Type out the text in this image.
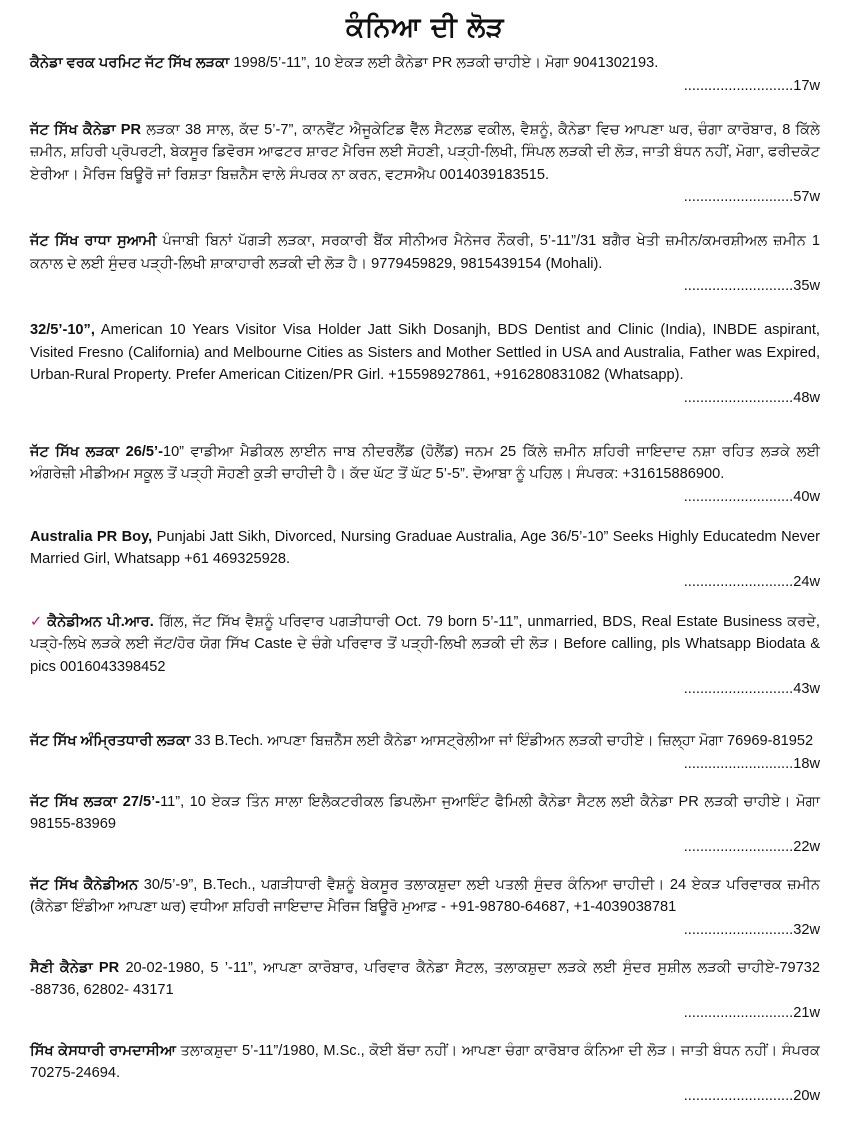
ਕੰਨਿਆ ਦੀ ਲੋੜ
ਕੈਨੇਡਾ ਵਰਕ ਪਰਮਿਟ ਜੱਟ ਸਿੱਖ ਲੜਕਾ 1998/5’-11”, 10 ਏਕੜ ਲਈ ਕੈਨੇਡਾ PR ਲੜਕੀ ਚਾਹੀਏ। ਮੋਗਾ 9041302193.
...........................17w
ਜੱਟ ਸਿੱਖ ਕੈਨੇਡਾ PR ਲੜਕਾ 38 ਸਾਲ, ਕੱਦ 5’-7”, ਕਾਨਵੈਂਟ ਐਜੂਕੇਟਿਡ ਵੈੱਲ ਸੈਟਲਡ ਵਕੀਲ, ਵੈਸ਼ਨੂੰ, ਕੈਨੇਡਾ ਵਿਚ ਆਪਣਾ ਘਰ, ਚੰਗਾ ਕਾਰੋਬਾਰ, 8 ਕਿੱਲੇ ਜ਼ਮੀਨ, ਸ਼ਹਿਰੀ ਪ੍ਰੋਪਰਟੀ, ਬੇਕਸੂਰ ਡਿਵੋਰਸ ਆਫਟਰ ਸ਼ਾਰਟ ਮੈਰਿਜ ਲਈ ਸੋਹਣੀ, ਪੜ੍ਹੀ-ਲਿਖੀ, ਸਿੰਪਲ ਲੜਕੀ ਦੀ ਲੋੜ, ਜਾਤੀ ਬੰਧਨ ਨਹੀਂ, ਮੋਗਾ, ਫਰੀਦਕੋਟ ਏਰੀਆ। ਮੈਰਿਜ ਬਿਊਰੋ ਜਾਂ ਰਿਸ਼ਤਾ ਬਿਜ਼ਨੈਸ ਵਾਲੇ ਸੰਪਰਕ ਨਾ ਕਰਨ, ਵਟਸਐਪ 0014039183515.
...........................57w
ਜੱਟ ਸਿੱਖ ਰਾਧਾ ਸੁਆਮੀ ਪੰਜਾਬੀ ਬਿਨਾਂ ਪੱਗੜੀ ਲੜਕਾ, ਸਰਕਾਰੀ ਬੈਂਕ ਸੀਨੀਅਰ ਮੈਨੇਜਰ ਨੌਕਰੀ, 5’-11”/31 ਬਗੈਰ ਖੇਤੀ ਜ਼ਮੀਨ/ਕਮਰਸ਼ੀਅਲ ਜ਼ਮੀਨ 1 ਕਨਾਲ ਦੇ ਲਈ ਸੁੰਦਰ ਪੜ੍ਹੀ-ਲਿਖੀ ਸ਼ਾਕਾਹਾਰੀ ਲੜਕੀ ਦੀ ਲੋੜ ਹੈ। 9779459829, 9815439154 (Mohali).
...........................35w
32/5’-10”, American 10 Years Visitor Visa Holder Jatt Sikh Dosanjh, BDS Dentist and Clinic (India), INBDE aspirant, Visited Fresno (California) and Melbourne Cities as Sisters and Mother Settled in USA and Australia, Father was Expired, Urban-Rural Property. Prefer American Citizen/PR Girl. +15598927861, +916280831082 (Whatsapp).
...........................48w
ਜੱਟ ਸਿੱਖ ਲੜਕਾ 26/5’-10” ਵਾਡੀਆ ਮੈਡੀਕਲ ਲਾਈਨ ਜਾਬ ਨੀਦਰਲੈਂਡ (ਹੋਲੈਂਡ) ਜਨਮ 25 ਕਿੱਲੇ ਜ਼ਮੀਨ ਸ਼ਹਿਰੀ ਜਾਇਦਾਦ ਨਸ਼ਾ ਰਹਿਤ ਲੜਕੇ ਲਈ ਅੰਗਰੇਜ਼ੀ ਮੀਡੀਅਮ ਸਕੂਲ ਤੋਂ ਪੜ੍ਹੀ ਸੋਹਣੀ ਕੁੜੀ ਚਾਹੀਦੀ ਹੈ। ਕੱਦ ਘੱਟ ਤੋਂ ਘੱਟ 5’-5”. ਦੋਆਬਾ ਨੂੰ ਪਹਿਲ। ਸੰਪਰਕ: +31615886900.
...........................40w
Australia PR Boy, Punjabi Jatt Sikh, Divorced, Nursing Graduae Australia, Age 36/5’-10” Seeks Highly Educatedm Never Married Girl, Whatsapp +61 469325928.
...........................24w
✓ ਕੈਨੇਡੀਅਨ ਪੀ.ਆਰ. ਗਿੱਲ, ਜੱਟ ਸਿੱਖ ਵੈਸ਼ਨੂੰ ਪਰਿਵਾਰ ਪਗੜੀਧਾਰੀ Oct. 79 born 5’-11”, unmarried, BDS, Real Estate Business ਕਰਦੇ, ਪੜ੍ਹੇ-ਲਿਖੇ ਲੜਕੇ ਲਈ ਜੱਟ/ਹੋਰ ਯੋਗ ਸਿੱਖ Caste ਦੇ ਚੰਗੇ ਪਰਿਵਾਰ ਤੋਂ ਪੜ੍ਹੀ-ਲਿਖੀ ਲੜਕੀ ਦੀ ਲੋੜ। Before calling, pls Whatsapp Biodata & pics 0016043398452
...........................43w
ਜੱਟ ਸਿੱਖ ਅੰਮ੍ਰਿਤਧਾਰੀ ਲੜਕਾ 33 B.Tech. ਆਪਣਾ ਬਿਜ਼ਨੈੱਸ ਲਈ ਕੈਨੇਡਾ ਆਸਟ੍ਰੇਲੀਆ ਜਾਂ ਇੰਡੀਅਨ ਲੜਕੀ ਚਾਹੀਏ। ਜ਼ਿਲ੍ਹਾ ਮੋਗਾ 76969-81952
...........................18w
ਜੱਟ ਸਿੱਖ ਲੜਕਾ 27/5’-11”, 10 ਏਕੜ ਤਿੰਨ ਸਾਲਾ ਇਲੈਕਟਰੀਕਲ ਡਿਪਲੋਮਾ ਜੁਆਇੰਟ ਫੈਮਿਲੀ ਕੈਨੇਡਾ ਸੈਟਲ ਲਈ ਕੈਨੇਡਾ PR ਲੜਕੀ ਚਾਹੀਏ। ਮੋਗਾ 98155-83969
...........................22w
ਜੱਟ ਸਿੱਖ ਕੈਨੇਡੀਅਨ 30/5’-9”, B.Tech., ਪਗੜੀਧਾਰੀ ਵੈਸ਼ਨੂੰ ਬੇਕਸੂਰ ਤਲਾਕਸ਼ੁਦਾ ਲਈ ਪਤਲੀ ਸੁੰਦਰ ਕੰਨਿਆ ਚਾਹੀਦੀ। 24 ਏਕੜ ਪਰਿਵਾਰਕ ਜ਼ਮੀਨ (ਕੈਨੇਡਾ ਇੰਡੀਆ ਆਪਣਾ ਘਰ) ਵਧੀਆ ਸ਼ਹਿਰੀ ਜਾਇਦਾਦ ਮੈਰਿਜ ਬਿਊਰੋ ਮੁਆਫ਼ - +91-98780-64687, +1-4039038781
...........................32w
ਸੈਣੀ ਕੈਨੇਡਾ PR 20-02-1980, 5 ’-11”, ਆਪਣਾ ਕਾਰੋਬਾਰ, ਪਰਿਵਾਰ ਕੈਨੇਡਾ ਸੈਟਲ, ਤਲਾਕਸ਼ੁਦਾ ਲੜਕੇ ਲਈ ਸੁੰਦਰ ਸੁਸ਼ੀਲ ਲੜਕੀ ਚਾਹੀਏ-79732 -88736, 62802- 43171
...........................21w
ਸਿੱਖ ਕੇਸਧਾਰੀ ਰਾਮਦਾਸੀਆ ਤਲਾਕਸ਼ੁਦਾ 5’-11”/1980, M.Sc., ਕੋਈ ਬੱਚਾ ਨਹੀਂ। ਆਪਣਾ ਚੰਗਾ ਕਾਰੋਬਾਰ ਕੰਨਿਆ ਦੀ ਲੋੜ। ਜਾਤੀ ਬੰਧਨ ਨਹੀਂ। ਸੰਪਰਕ 70275-24694.
...........................20w
